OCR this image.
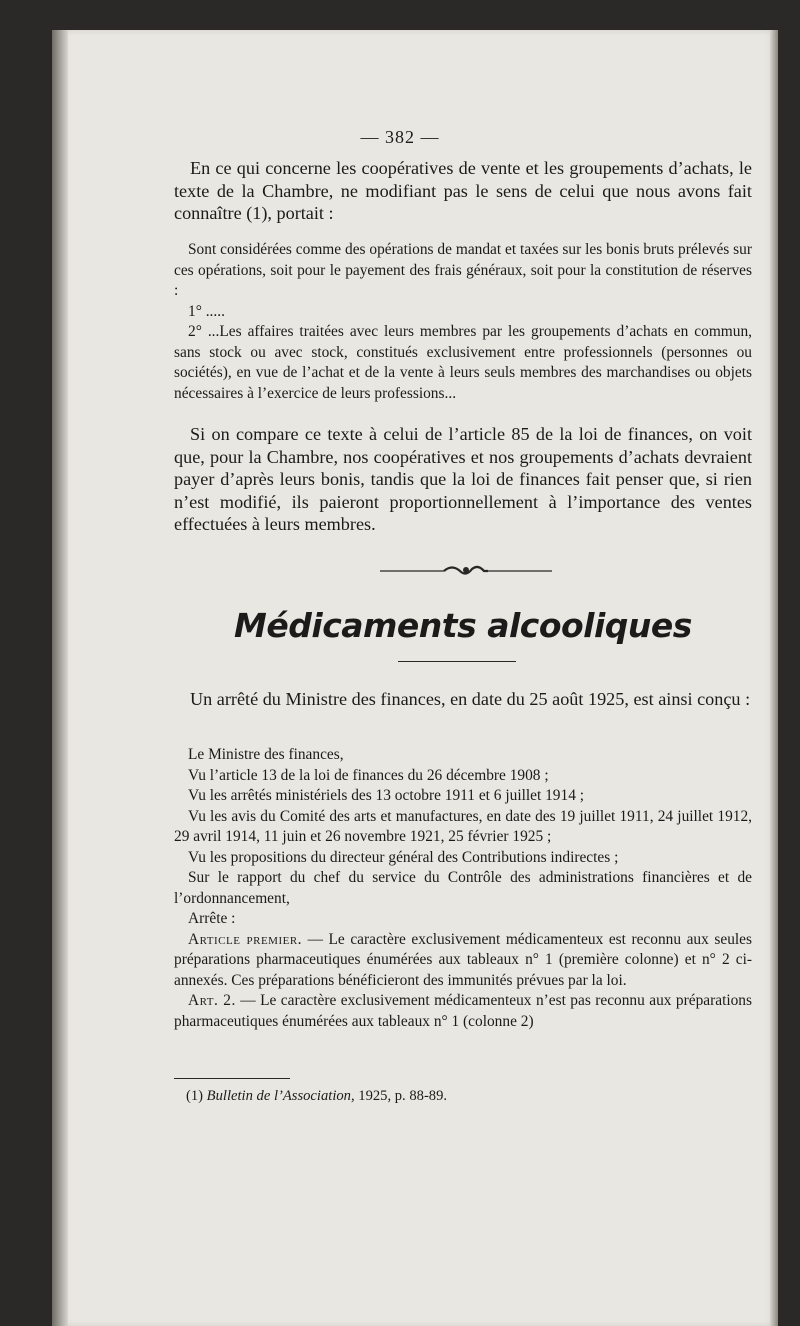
— 382 —

En ce qui concerne les coopératives de vente et les groupements d’achats, le texte de la Chambre, ne modifiant pas le sens de celui que nous avons fait connaître (1), portait :

Sont considérées comme des opérations de mandat et taxées sur les bonis bruts prélevés sur ces opérations, soit pour le payement des frais généraux, soit pour la constitution de réserves :

1° .....

2° ...Les affaires traitées avec leurs membres par les groupements d’achats en commun, sans stock ou avec stock, constitués exclusivement entre professionnels (personnes ou sociétés), en vue de l’achat et de la vente à leurs seuls membres des marchandises ou objets nécessaires à l’exercice de leurs professions...

Si on compare ce texte à celui de l’article 85 de la loi de finances, on voit que, pour la Chambre, nos coopératives et nos groupements d’achats devraient payer d’après leurs bonis, tandis que la loi de finances fait penser que, si rien n’est modifié, ils paieront proportionnellement à l’importance des ventes effectuées à leurs membres.

Médicaments alcooliques

Un arrêté du Ministre des finances, en date du 25 août 1925, est ainsi conçu :

Le Ministre des finances,

Vu l’article 13 de la loi de finances du 26 décembre 1908 ;

Vu les arrêtés ministériels des 13 octobre 1911 et 6 juillet 1914 ;

Vu les avis du Comité des arts et manufactures, en date des 19 juillet 1911, 24 juillet 1912, 29 avril 1914, 11 juin et 26 novembre 1921, 25 février 1925 ;

Vu les propositions du directeur général des Contributions indirectes ;

Sur le rapport du chef du service du Contrôle des administrations financières et de l’ordonnancement,

Arrête :

Article premier. — Le caractère exclusivement médicamenteux est reconnu aux seules préparations pharmaceutiques énumérées aux tableaux n° 1 (première colonne) et n° 2 ci-annexés. Ces préparations bénéficieront des immunités prévues par la loi.

Art. 2. — Le caractère exclusivement médicamenteux n’est pas reconnu aux préparations pharmaceutiques énumérées aux tableaux n° 1 (colonne 2)

(1) Bulletin de l’Association, 1925, p. 88-89.
